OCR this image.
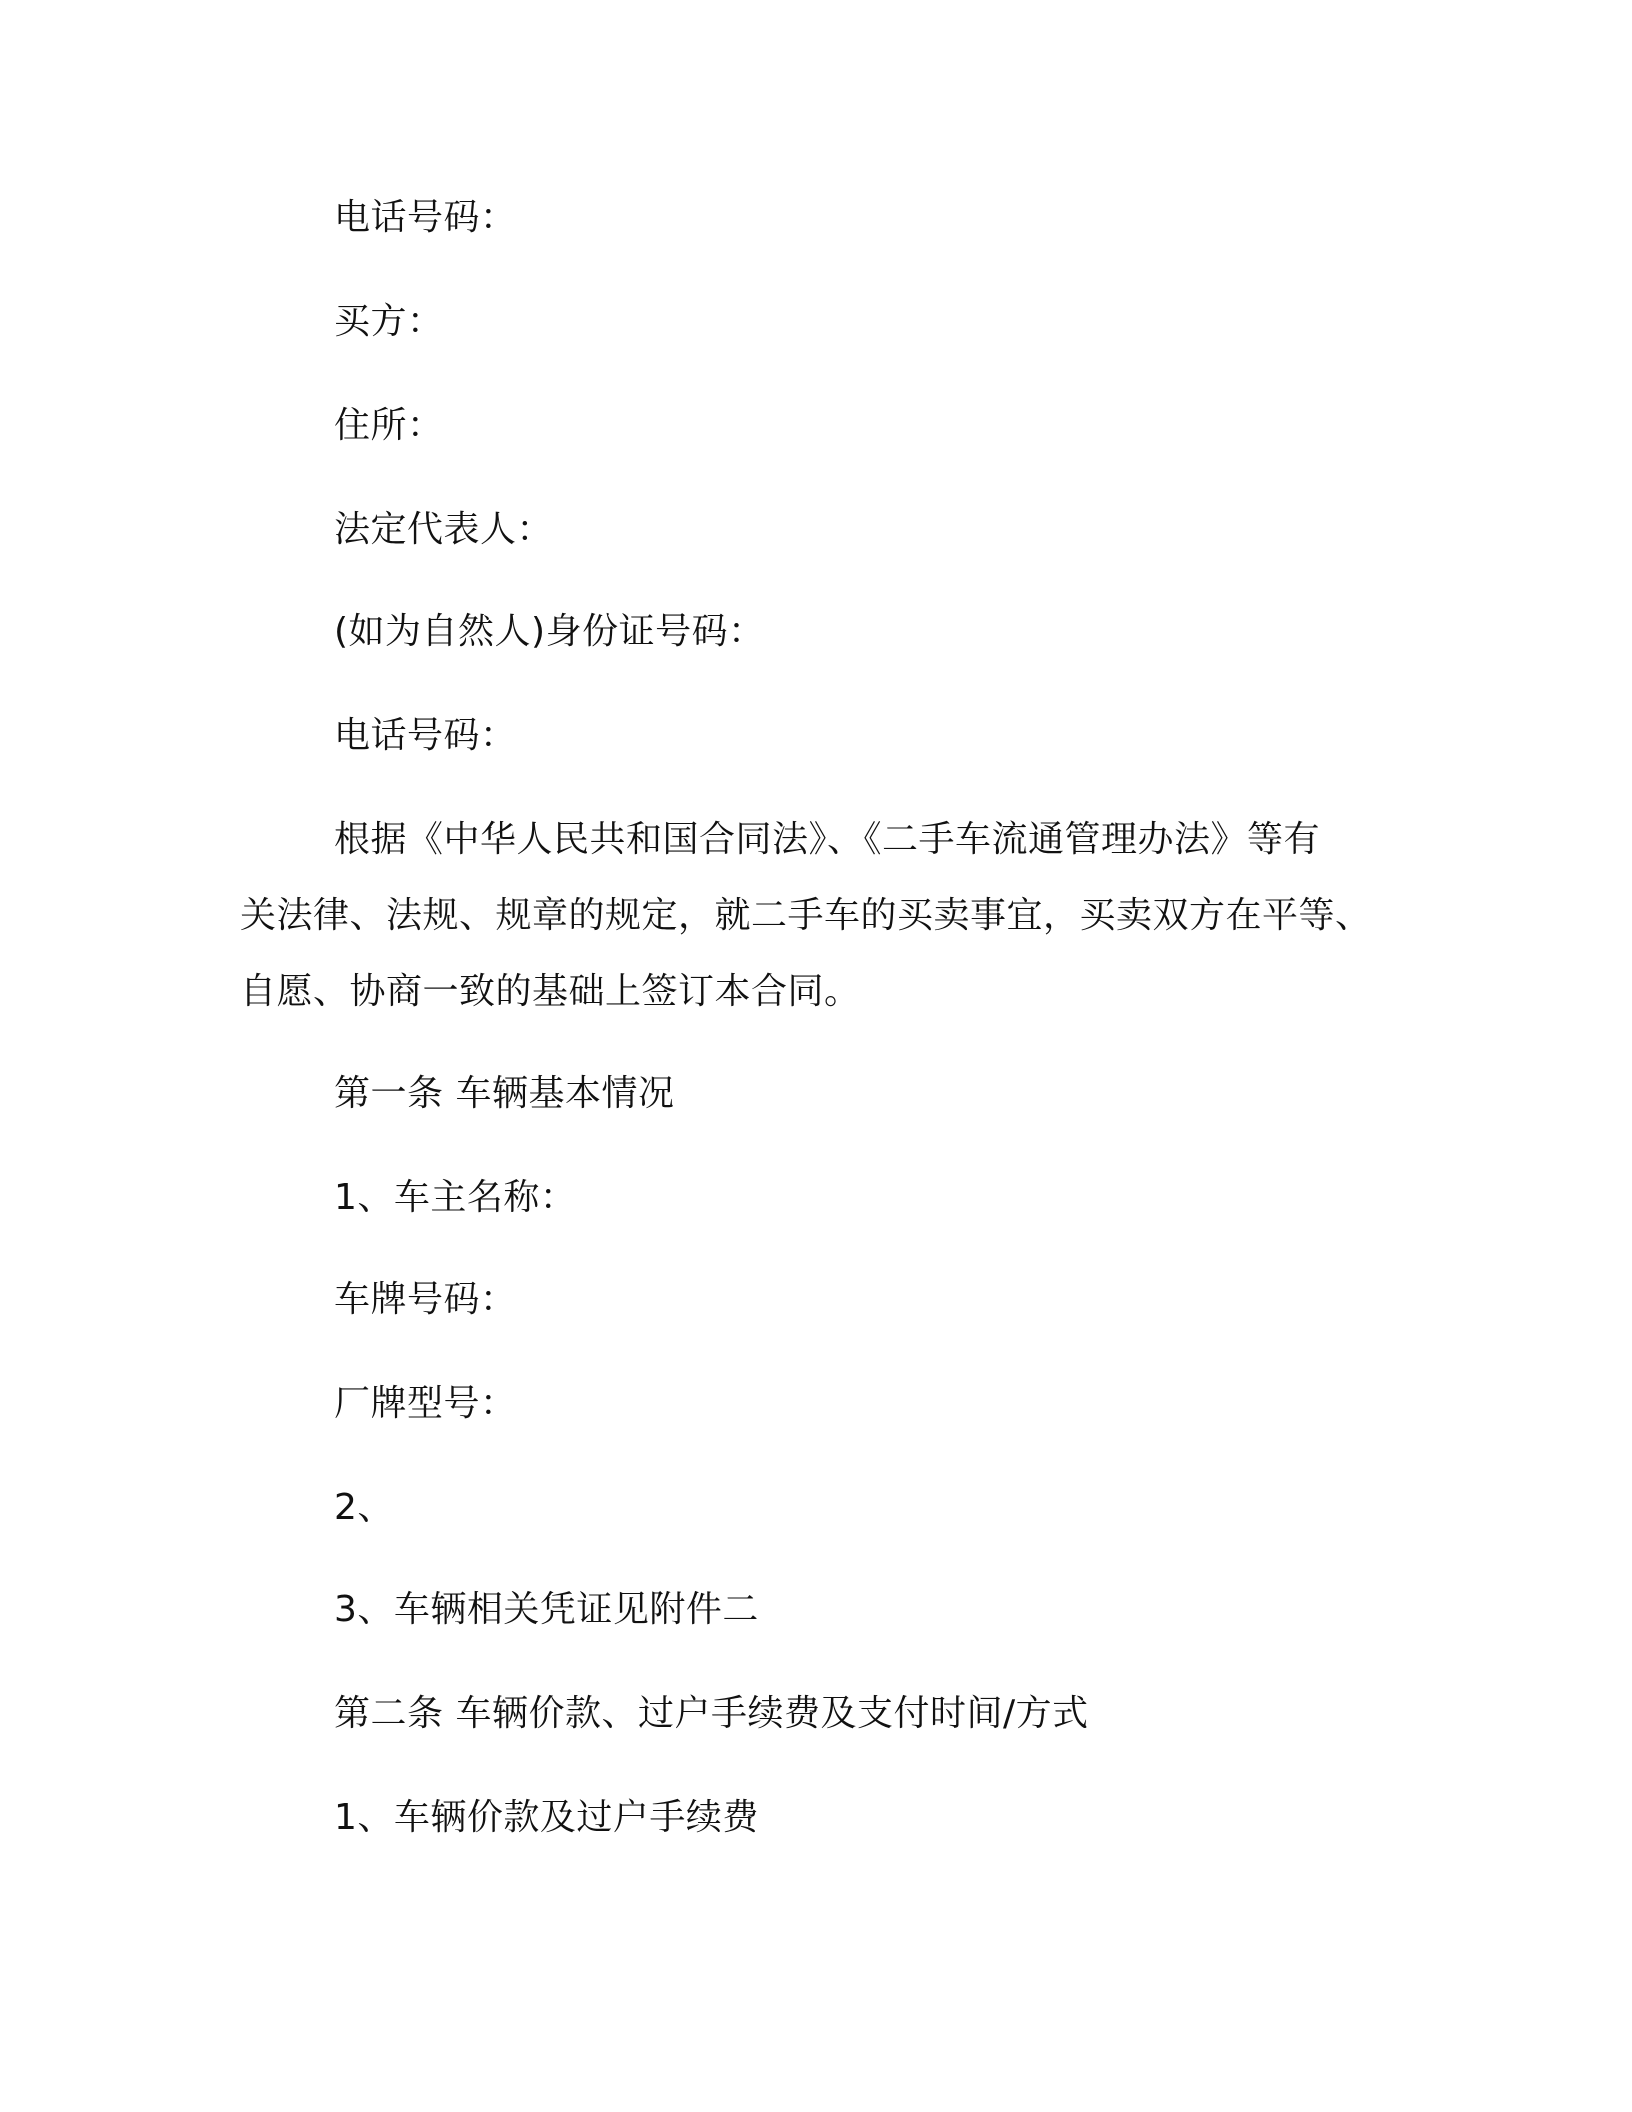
电话号码：
买方：
住所：
法定代表人：
(如为自然人)身份证号码：
电话号码：
根据《中华人民共和国合同法》、《二手车流通管理办法》等有
关法律、法规、规章的规定，就二手车的买卖事宜，买卖双方在平等、
自愿、协商一致的基础上签订本合同。
第一条 车辆基本情况
1、车主名称：
车牌号码：
厂牌型号：
2、
3、车辆相关凭证见附件二
第二条 车辆价款、过户手续费及支付时间/方式
1、车辆价款及过户手续费
